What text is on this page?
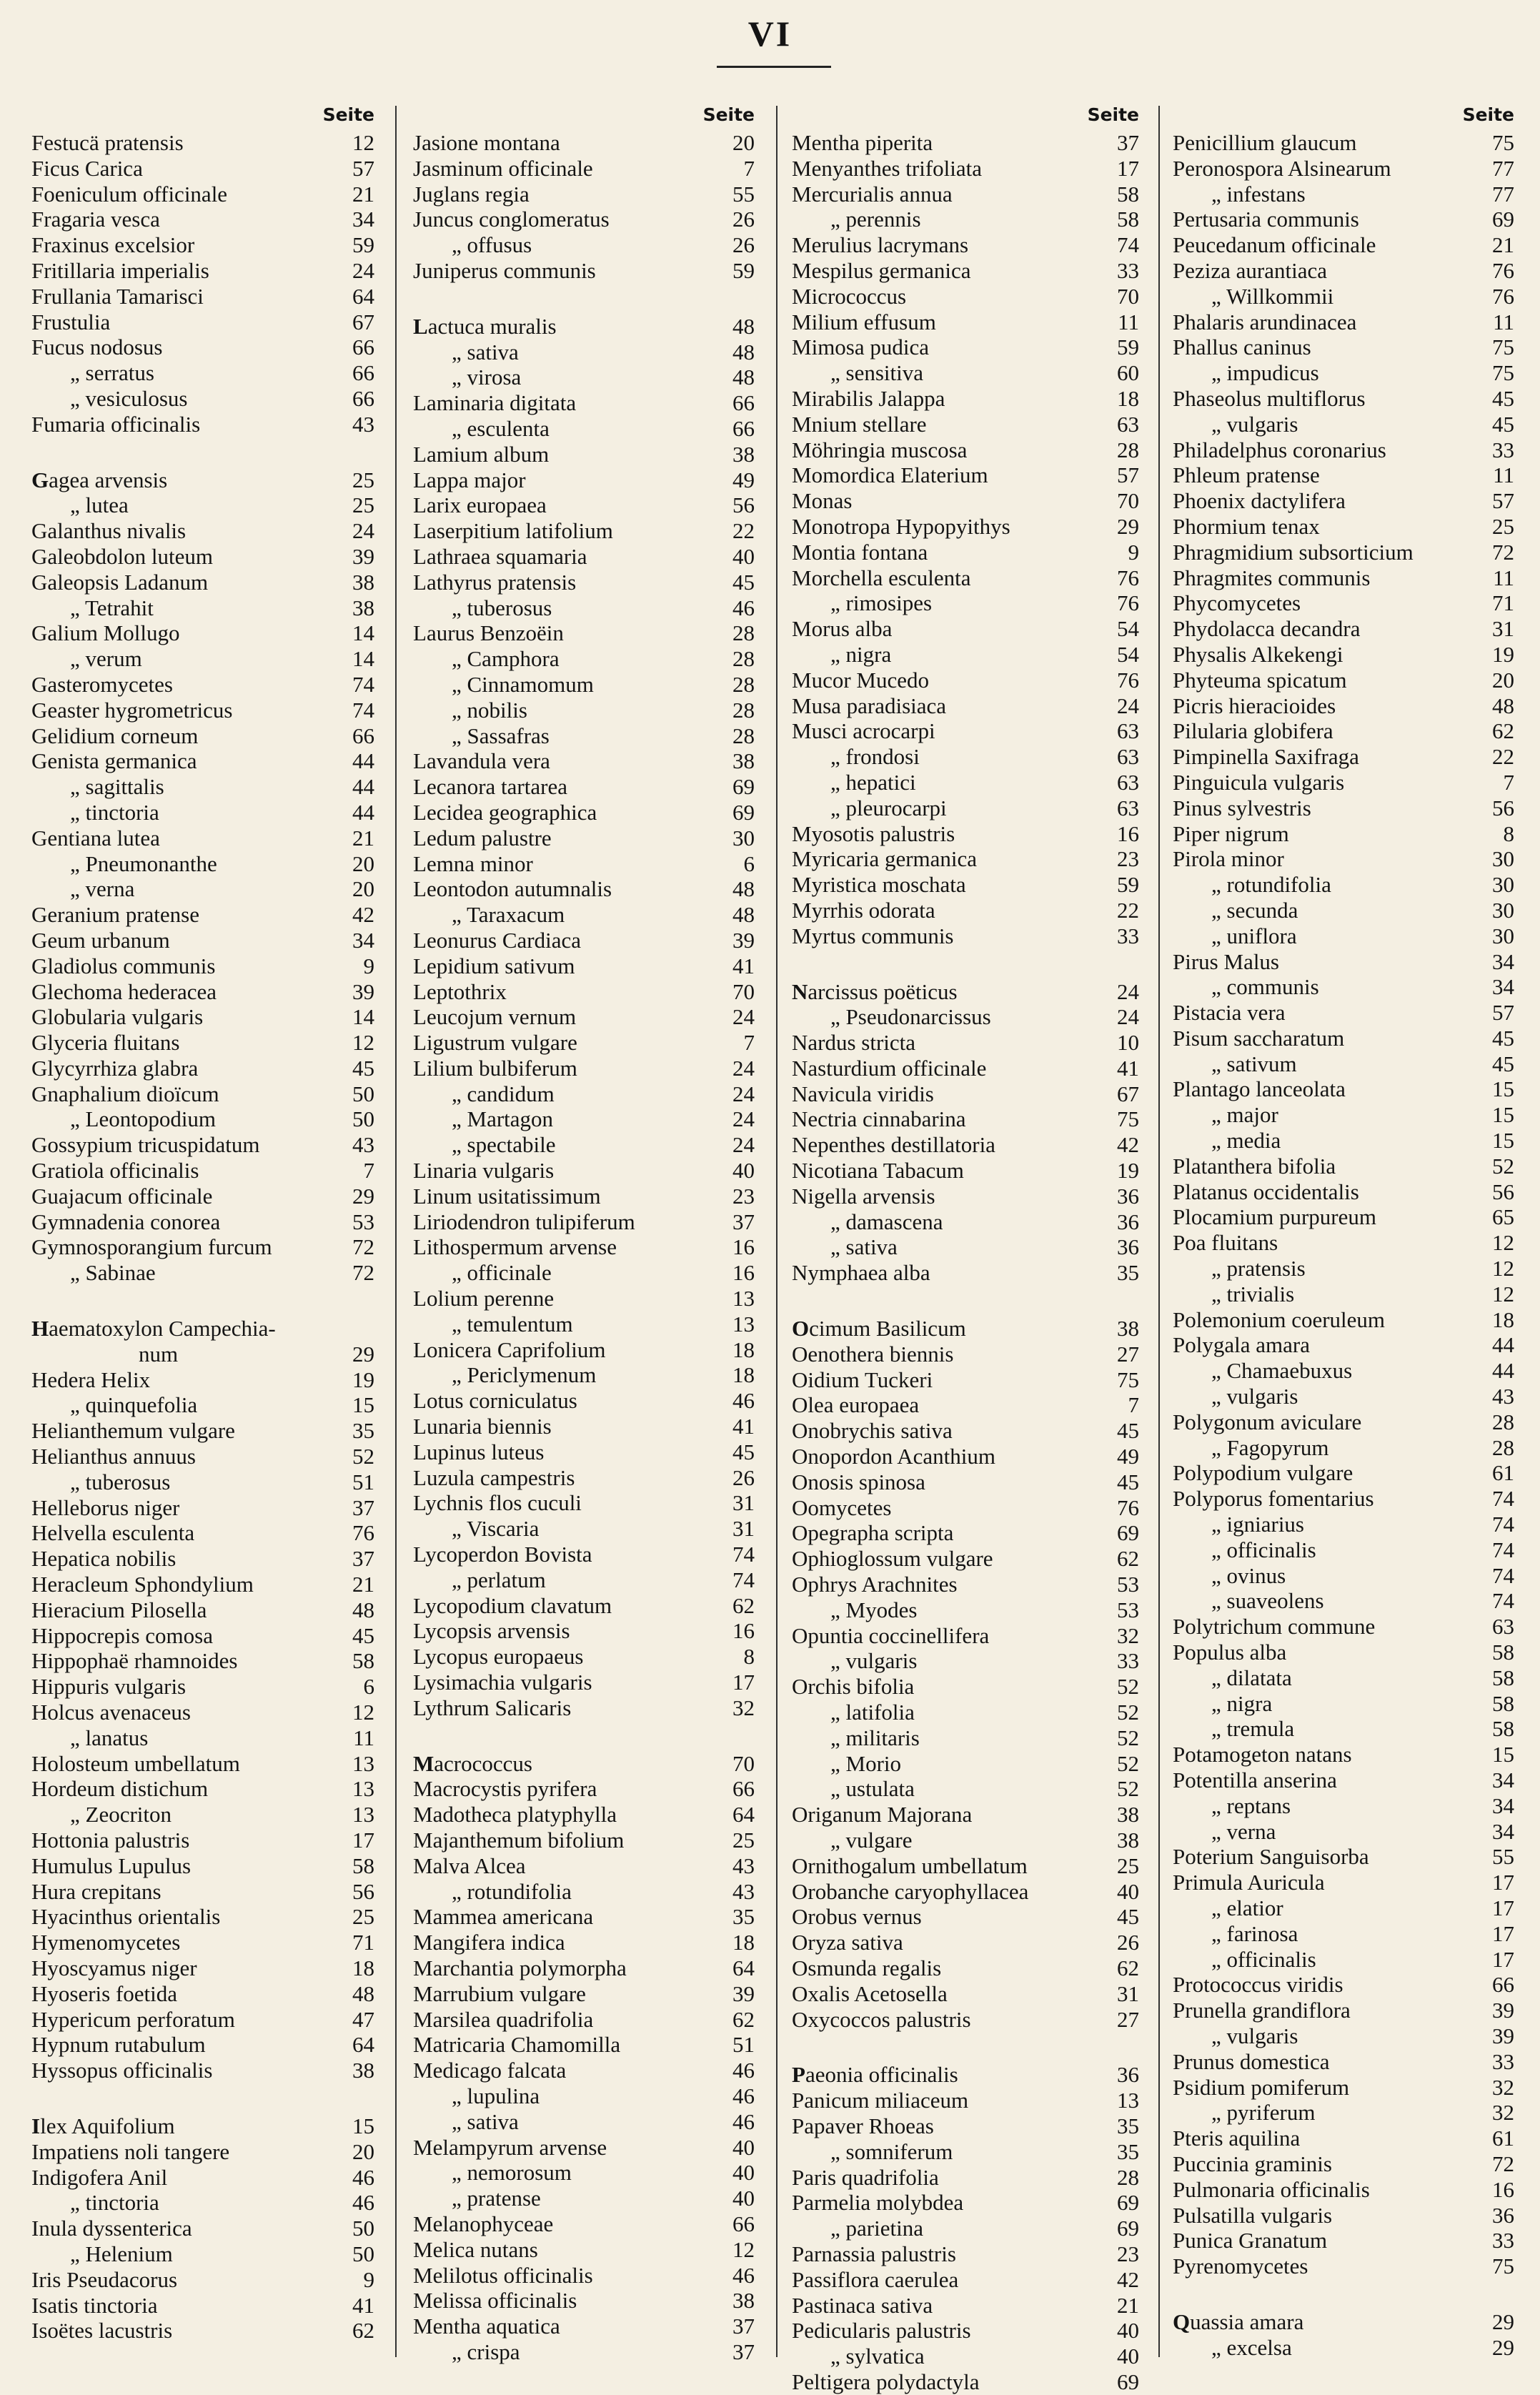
VI
Seite
Festucä pratensis	12
Ficus Carica	57
Foeniculum officinale	21
Fragaria vesca	34
Fraxinus excelsior	59
Fritillaria imperialis	24
Frullania Tamarisci	64
Frustulia	67
Fucus nodosus	66
„ serratus	66
„ vesiculosus	66
Fumaria officinalis	43
Gagea arvensis	25
„ lutea	25
Galanthus nivalis	24
Galeobdolon luteum	39
Galeopsis Ladanum	38
„ Tetrahit	38
Galium Mollugo	14
„ verum	14
Gasteromycetes	74
Geaster hygrometricus	74
Gelidium corneum	66
Genista germanica	44
„ sagittalis	44
„ tinctoria	44
Gentiana lutea	21
„ Pneumonanthe	20
„ verna	20
Geranium pratense	42
Geum urbanum	34
Gladiolus communis	9
Glechoma hederacea	39
Globularia vulgaris	14
Glyceria fluitans	12
Glycyrrhiza glabra	45
Gnaphalium dioïcum	50
„ Leontopodium	50
Gossypium tricuspidatum	43
Gratiola officinalis	7
Guajacum officinale	29
Gymnadenia conorea	53
Gymnosporangium furcum	72
„ Sabinae	72
Haematoxylon Campechia-
num	29
Hedera Helix	19
„ quinquefolia	15
Helianthemum vulgare	35
Helianthus annuus	52
„ tuberosus	51
Helleborus niger	37
Helvella esculenta	76
Hepatica nobilis	37
Heracleum Sphondylium	21
Hieracium Pilosella	48
Hippocrepis comosa	45
Hippophaë rhamnoides	58
Hippuris vulgaris	6
Holcus avenaceus	12
„ lanatus	11
Holosteum umbellatum	13
Hordeum distichum	13
„ Zeocriton	13
Hottonia palustris	17
Humulus Lupulus	58
Hura crepitans	56
Hyacinthus orientalis	25
Hymenomycetes	71
Hyoscyamus niger	18
Hyoseris foetida	48
Hypericum perforatum	47
Hypnum rutabulum	64
Hyssopus officinalis	38
Ilex Aquifolium	15
Impatiens noli tangere	20
Indigofera Anil	46
„ tinctoria	46
Inula dyssenterica	50
„ Helenium	50
Iris Pseudacorus	9
Isatis tinctoria	41
Isoëtes lacustris	62
Seite
Jasione montana	20
Jasminum officinale	7
Juglans regia	55
Juncus conglomeratus	26
„ offusus	26
Juniperus communis	59
Lactuca muralis	48
„ sativa	48
„ virosa	48
Laminaria digitata	66
„ esculenta	66
Lamium album	38
Lappa major	49
Larix europaea	56
Laserpitium latifolium	22
Lathraea squamaria	40
Lathyrus pratensis	45
„ tuberosus	46
Laurus Benzoëin	28
„ Camphora	28
„ Cinnamomum	28
„ nobilis	28
„ Sassafras	28
Lavandula vera	38
Lecanora tartarea	69
Lecidea geographica	69
Ledum palustre	30
Lemna minor	6
Leontodon autumnalis	48
„ Taraxacum	48
Leonurus Cardiaca	39
Lepidium sativum	41
Leptothrix	70
Leucojum vernum	24
Ligustrum vulgare	7
Lilium bulbiferum	24
„ candidum	24
„ Martagon	24
„ spectabile	24
Linaria vulgaris	40
Linum usitatissimum	23
Liriodendron tulipiferum	37
Lithospermum arvense	16
„ officinale	16
Lolium perenne	13
„ temulentum	13
Lonicera Caprifolium	18
„ Periclymenum	18
Lotus corniculatus	46
Lunaria biennis	41
Lupinus luteus	45
Luzula campestris	26
Lychnis flos cuculi	31
„ Viscaria	31
Lycoperdon Bovista	74
„ perlatum	74
Lycopodium clavatum	62
Lycopsis arvensis	16
Lycopus europaeus	8
Lysimachia vulgaris	17
Lythrum Salicaris	32
Macrococcus	70
Macrocystis pyrifera	66
Madotheca platyphylla	64
Majanthemum bifolium	25
Malva Alcea	43
„ rotundifolia	43
Mammea americana	35
Mangifera indica	18
Marchantia polymorpha	64
Marrubium vulgare	39
Marsilea quadrifolia	62
Matricaria Chamomilla	51
Medicago falcata	46
„ lupulina	46
„ sativa	46
Melampyrum arvense	40
„ nemorosum	40
„ pratense	40
Melanophyceae	66
Melica nutans	12
Melilotus officinalis	46
Melissa officinalis	38
Mentha aquatica	37
„ crispa	37
Seite
Mentha piperita	37
Menyanthes trifoliata	17
Mercurialis annua	58
„ perennis	58
Merulius lacrymans	74
Mespilus germanica	33
Micrococcus	70
Milium effusum	11
Mimosa pudica	59
„ sensitiva	60
Mirabilis Jalappa	18
Mnium stellare	63
Möhringia muscosa	28
Momordica Elaterium	57
Monas	70
Monotropa Hypopyithys	29
Montia fontana	9
Morchella esculenta	76
„ rimosipes	76
Morus alba	54
„ nigra	54
Mucor Mucedo	76
Musa paradisiaca	24
Musci acrocarpi	63
„ frondosi	63
„ hepatici	63
„ pleurocarpi	63
Myosotis palustris	16
Myricaria germanica	23
Myristica moschata	59
Myrrhis odorata	22
Myrtus communis	33
Narcissus poëticus	24
„ Pseudonarcissus	24
Nardus stricta	10
Nasturdium officinale	41
Navicula viridis	67
Nectria cinnabarina	75
Nepenthes destillatoria	42
Nicotiana Tabacum	19
Nigella arvensis	36
„ damascena	36
„ sativa	36
Nymphaea alba	35
Ocimum Basilicum	38
Oenothera biennis	27
Oidium Tuckeri	75
Olea europaea	7
Onobrychis sativa	45
Onopordon Acanthium	49
Onosis spinosa	45
Oomycetes	76
Opegrapha scripta	69
Ophioglossum vulgare	62
Ophrys Arachnites	53
„ Myodes	53
Opuntia coccinellifera	32
„ vulgaris	33
Orchis bifolia	52
„ latifolia	52
„ militaris	52
„ Morio	52
„ ustulata	52
Origanum Majorana	38
„ vulgare	38
Ornithogalum umbellatum	25
Orobanche caryophyllacea	40
Orobus vernus	45
Oryza sativa	26
Osmunda regalis	62
Oxalis Acetosella	31
Oxycoccos palustris	27
Paeonia officinalis	36
Panicum miliaceum	13
Papaver Rhoeas	35
„ somniferum	35
Paris quadrifolia	28
Parmelia molybdea	69
„ parietina	69
Parnassia palustris	23
Passiflora caerulea	42
Pastinaca sativa	21
Pedicularis palustris	40
„ sylvatica	40
Peltigera polydactyla	69
Seite
Penicillium glaucum	75
Peronospora Alsinearum	77
„ infestans	77
Pertusaria communis	69
Peucedanum officinale	21
Peziza aurantiaca	76
„ Willkommii	76
Phalaris arundinacea	11
Phallus caninus	75
„ impudicus	75
Phaseolus multiflorus	45
„ vulgaris	45
Philadelphus coronarius	33
Phleum pratense	11
Phoenix dactylifera	57
Phormium tenax	25
Phragmidium subsorticium	72
Phragmites communis	11
Phycomycetes	71
Phydolacca decandra	31
Physalis Alkekengi	19
Phyteuma spicatum	20
Picris hieracioides	48
Pilularia globifera	62
Pimpinella Saxifraga	22
Pinguicula vulgaris	7
Pinus sylvestris	56
Piper nigrum	8
Pirola minor	30
„ rotundifolia	30
„ secunda	30
„ uniflora	30
Pirus Malus	34
„ communis	34
Pistacia vera	57
Pisum saccharatum	45
„ sativum	45
Plantago lanceolata	15
„ major	15
„ media	15
Platanthera bifolia	52
Platanus occidentalis	56
Plocamium purpureum	65
Poa fluitans	12
„ pratensis	12
„ trivialis	12
Polemonium coeruleum	18
Polygala amara	44
„ Chamaebuxus	44
„ vulgaris	43
Polygonum aviculare	28
„ Fagopyrum	28
Polypodium vulgare	61
Polyporus fomentarius	74
„ igniarius	74
„ officinalis	74
„ ovinus	74
„ suaveolens	74
Polytrichum commune	63
Populus alba	58
„ dilatata	58
„ nigra	58
„ tremula	58
Potamogeton natans	15
Potentilla anserina	34
„ reptans	34
„ verna	34
Poterium Sanguisorba	55
Primula Auricula	17
„ elatior	17
„ farinosa	17
„ officinalis	17
Protococcus viridis	66
Prunella grandiflora	39
„ vulgaris	39
Prunus domestica	33
Psidium pomiferum	32
„ pyriferum	32
Pteris aquilina	61
Puccinia graminis	72
Pulmonaria officinalis	16
Pulsatilla vulgaris	36
Punica Granatum	33
Pyrenomycetes	75
Quassia amara	29
„ excelsa	29
